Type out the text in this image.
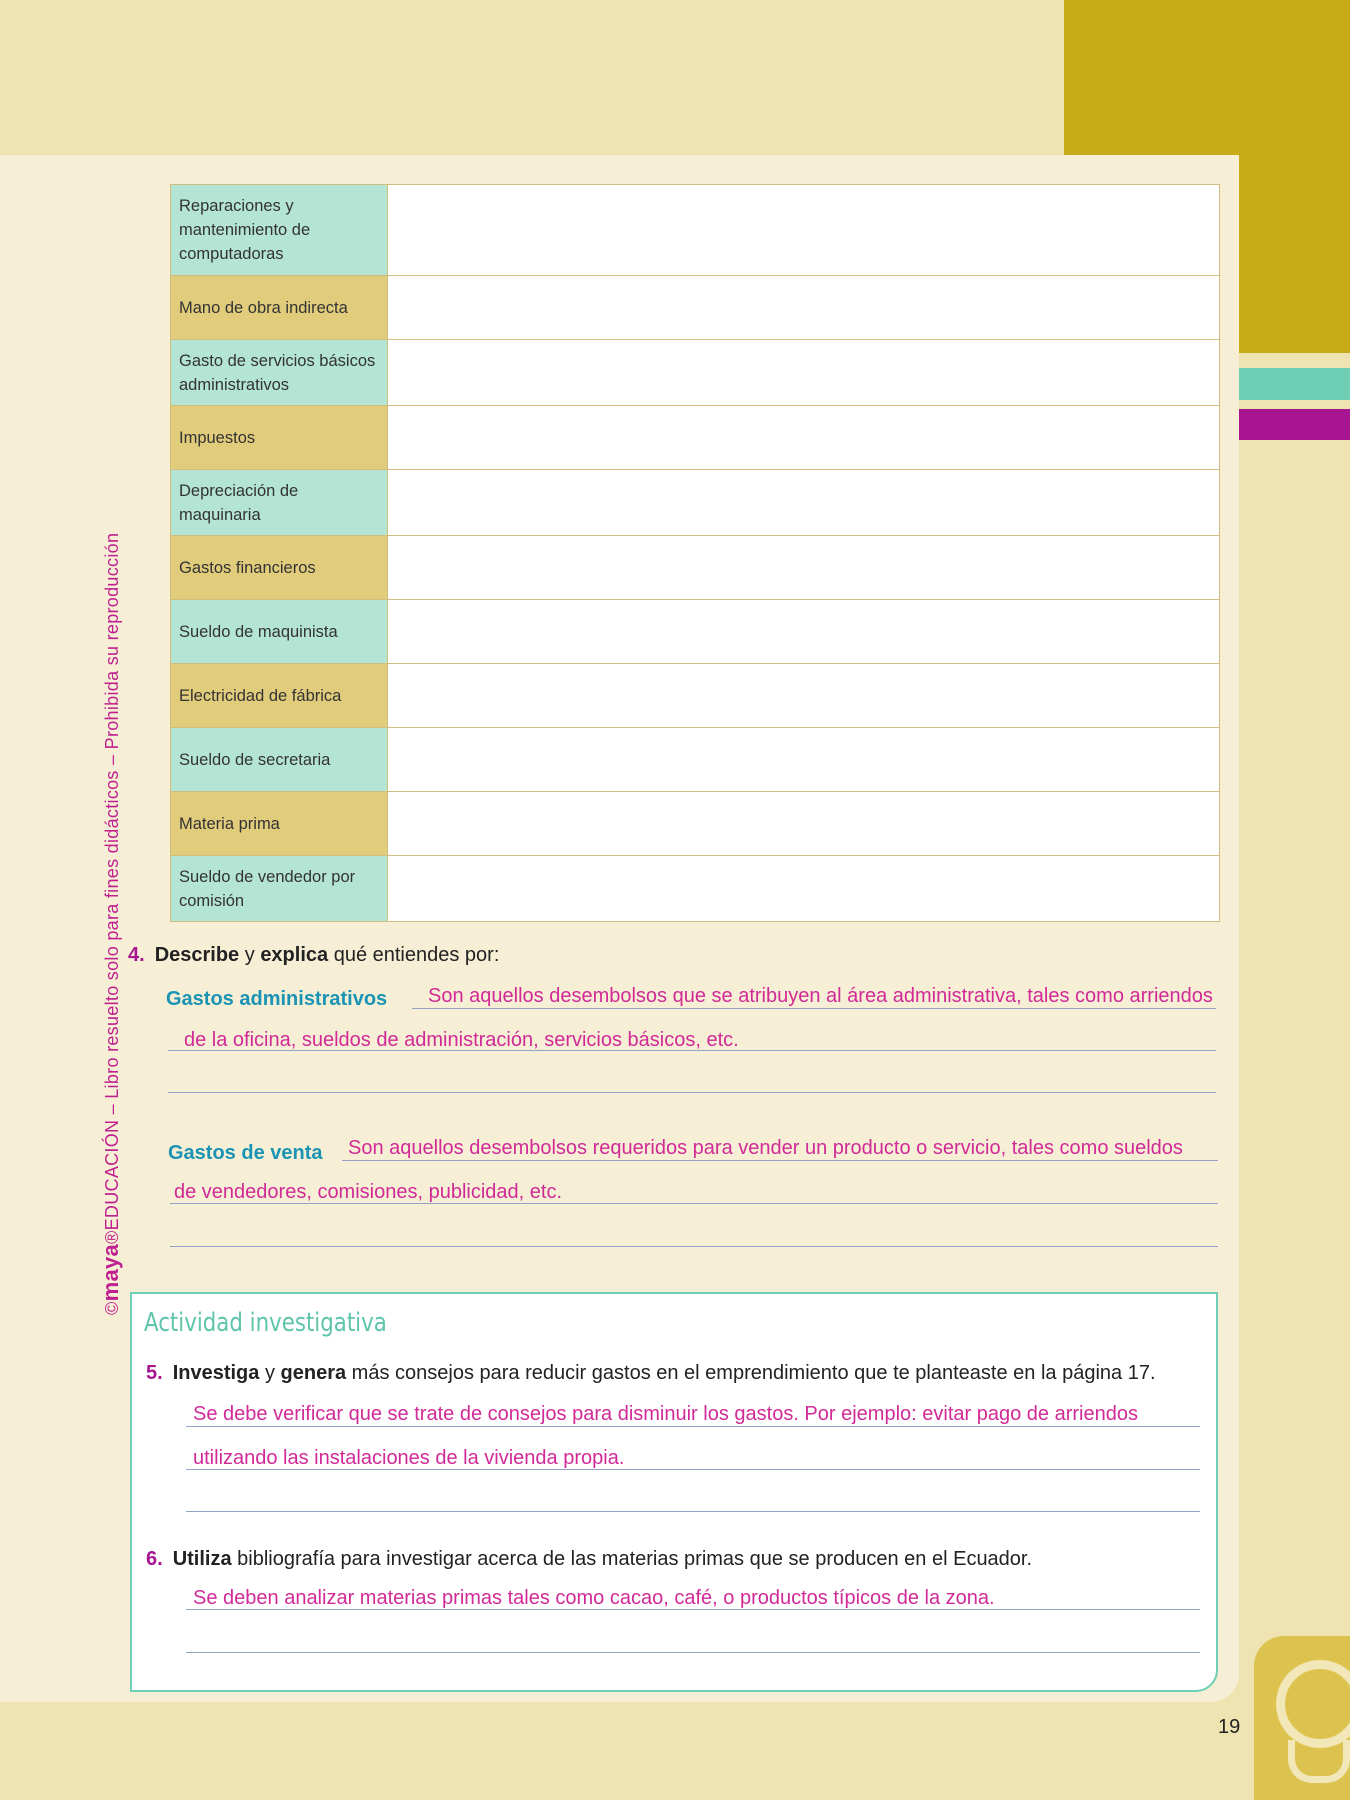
©maya®EDUCACIÓN – Libro resuelto solo para fines didácticos – Prohibida su reproducción
Reparaciones y mantenimiento de computadoras	
Mano de obra indirecta	
Gasto de servicios básicos administrativos	
Impuestos	
Depreciación de maquinaria	
Gastos financieros	
Sueldo de maquinista	
Electricidad de fábrica	
Sueldo de secretaria	
Materia prima	
Sueldo de vendedor por comisión	
4. Describe y explica qué entiendes por:
Gastos administrativos Son aquellos desembolsos que se atribuyen al área administrativa, tales como arriendos
de la oficina, sueldos de administración, servicios básicos, etc.
Gastos de venta Son aquellos desembolsos requeridos para vender un producto o servicio, tales como sueldos
de vendedores, comisiones, publicidad, etc.
Actividad investigativa
5. Investiga y genera más consejos para reducir gastos en el emprendimiento que te planteaste en la página 17.
Se debe verificar que se trate de consejos para disminuir los gastos. Por ejemplo: evitar pago de arriendos
utilizando las instalaciones de la vivienda propia.
6. Utiliza bibliografía para investigar acerca de las materias primas que se producen en el Ecuador.
Se deben analizar materias primas tales como cacao, café, o productos típicos de la zona.
19
